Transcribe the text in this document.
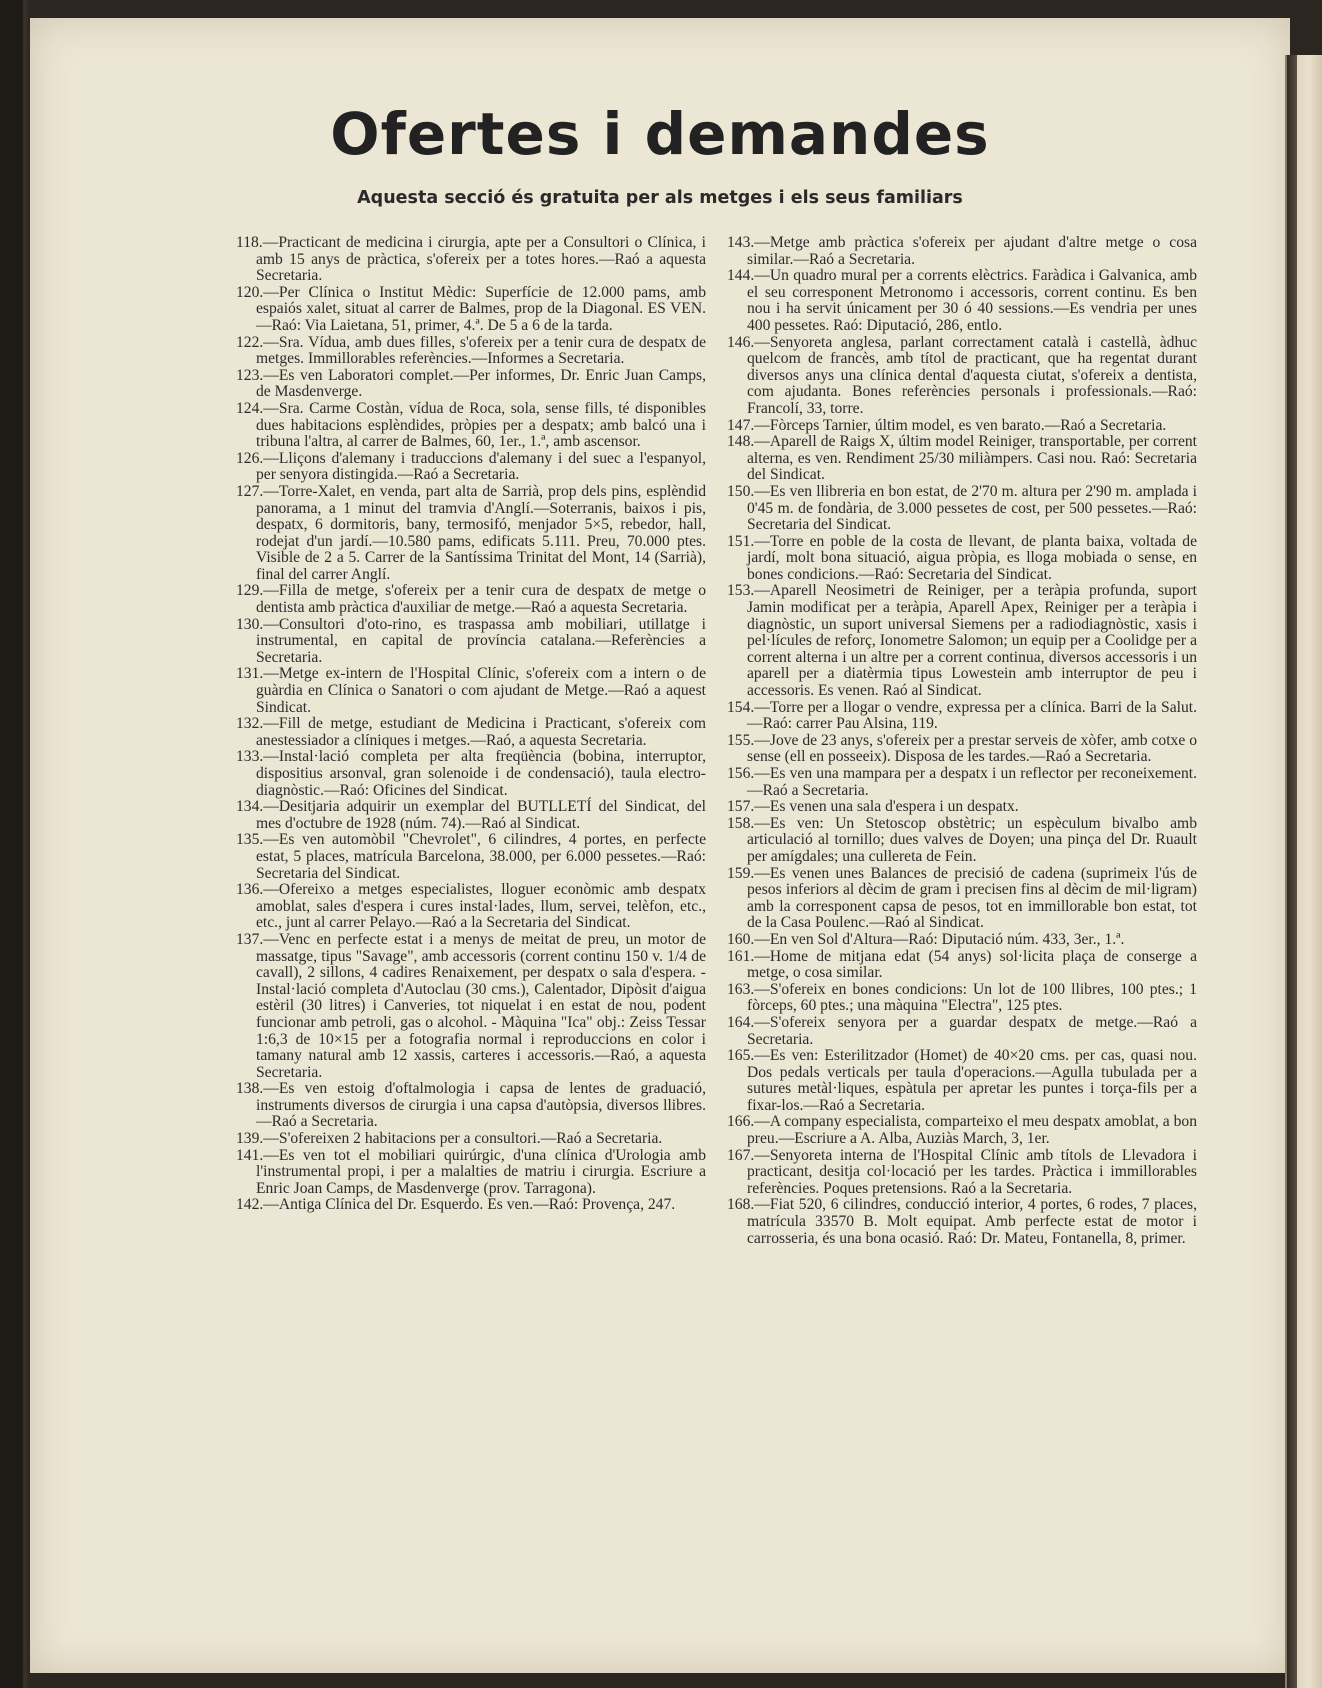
Ofertes i demandes

Aquesta secció és gratuita per als metges i els seus familiars

118.—Practicant de medicina i cirurgia, apte per a Consultori o Clínica, i amb 15 anys de pràctica, s'ofereix per a totes hores.—Raó a aquesta Secretaria.

120.—Per Clínica o Institut Mèdic: Superfície de 12.000 pams, amb espaiós xalet, situat al carrer de Balmes, prop de la Diagonal. ES VEN.—Raó: Via Laietana, 51, primer, 4.ª. De 5 a 6 de la tarda.

122.—Sra. Vídua, amb dues filles, s'ofereix per a tenir cura de despatx de metges. Immillorables referències.—Informes a Secretaria.

123.—Es ven Laboratori complet.—Per informes, Dr. Enric Juan Camps, de Masdenverge.

124.—Sra. Carme Costàn, vídua de Roca, sola, sense fills, té disponibles dues habitacions esplèndides, pròpies per a despatx; amb balcó una i tribuna l'altra, al carrer de Balmes, 60, 1er., 1.ª, amb ascensor.

126.—Lliçons d'alemany i traduccions d'alemany i del suec a l'espanyol, per senyora distingida.—Raó a Secretaria.

127.—Torre-Xalet, en venda, part alta de Sarrià, prop dels pins, esplèndid panorama, a 1 minut del tramvia d'Anglí.—Soterranis, baixos i pis, despatx, 6 dormitoris, bany, termosifó, menjador 5×5, rebedor, hall, rodejat d'un jardí.—10.580 pams, edificats 5.111. Preu, 70.000 ptes. Visible de 2 a 5. Carrer de la Santíssima Trinitat del Mont, 14 (Sarrià), final del carrer Anglí.

129.—Filla de metge, s'ofereix per a tenir cura de despatx de metge o dentista amb pràctica d'auxiliar de metge.—Raó a aquesta Secretaria.

130.—Consultori d'oto-rino, es traspassa amb mobiliari, utillatge i instrumental, en capital de província catalana.—Referències a Secretaria.

131.—Metge ex-intern de l'Hospital Clínic, s'ofereix com a intern o de guàrdia en Clínica o Sanatori o com ajudant de Metge.—Raó a aquest Sindicat.

132.—Fill de metge, estudiant de Medicina i Practicant, s'ofereix com anestessiador a clíniques i metges.—Raó, a aquesta Secretaria.

133.—Instal·lació completa per alta freqüència (bobina, interruptor, dispositius arsonval, gran solenoide i de condensació), taula electro-diagnòstic.—Raó: Oficines del Sindicat.

134.—Desitjaria adquirir un exemplar del BUTLLETÍ del Sindicat, del mes d'octubre de 1928 (núm. 74).—Raó al Sindicat.

135.—Es ven automòbil "Chevrolet", 6 cilindres, 4 portes, en perfecte estat, 5 places, matrícula Barcelona, 38.000, per 6.000 pessetes.—Raó: Secretaria del Sindicat.

136.—Ofereixo a metges especialistes, lloguer econòmic amb despatx amoblat, sales d'espera i cures instal·lades, llum, servei, telèfon, etc., etc., junt al carrer Pelayo.—Raó a la Secretaria del Sindicat.

137.—Venc en perfecte estat i a menys de meitat de preu, un motor de massatge, tipus "Savage", amb accessoris (corrent continu 150 v. 1/4 de cavall), 2 sillons, 4 cadires Renaixement, per despatx o sala d'espera. - Instal·lació completa d'Autoclau (30 cms.), Calentador, Dipòsit d'aigua estèril (30 litres) i Canveries, tot niquelat i en estat de nou, podent funcionar amb petroli, gas o alcohol. - Màquina "Ica" obj.: Zeiss Tessar 1:6,3 de 10×15 per a fotografia normal i reproduccions en color i tamany natural amb 12 xassis, carteres i accessoris.—Raó, a aquesta Secretaria.

138.—Es ven estoig d'oftalmologia i capsa de lentes de graduació, instruments diversos de cirurgia i una capsa d'autòpsia, diversos llibres.—Raó a Secretaria.

139.—S'ofereixen 2 habitacions per a consultori.—Raó a Secretaria.

141.—Es ven tot el mobiliari quirúrgic, d'una clínica d'Urologia amb l'instrumental propi, i per a malalties de matriu i cirurgia. Escriure a Enric Joan Camps, de Masdenverge (prov. Tarragona).

142.—Antiga Clínica del Dr. Esquerdo. Es ven.—Raó: Provença, 247.

143.—Metge amb pràctica s'ofereix per ajudant d'altre metge o cosa similar.—Raó a Secretaria.

144.—Un quadro mural per a corrents elèctrics. Faràdica i Galvanica, amb el seu corresponent Metronomo i accessoris, corrent continu. Es ben nou i ha servit únicament per 30 ó 40 sessions.—Es vendria per unes 400 pessetes. Raó: Diputació, 286, entlo.

146.—Senyoreta anglesa, parlant correctament català i castellà, àdhuc quelcom de francès, amb títol de practicant, que ha regentat durant diversos anys una clínica dental d'aquesta ciutat, s'ofereix a dentista, com ajudanta. Bones referències personals i professionals.—Raó: Francolí, 33, torre.

147.—Fòrceps Tarnier, últim model, es ven barato.—Raó a Secretaria.

148.—Aparell de Raigs X, últim model Reiniger, transportable, per corrent alterna, es ven. Rendiment 25/30 miliàmpers. Casi nou. Raó: Secretaria del Sindicat.

150.—Es ven llibreria en bon estat, de 2'70 m. altura per 2'90 m. amplada i 0'45 m. de fondària, de 3.000 pessetes de cost, per 500 pessetes.—Raó: Secretaria del Sindicat.

151.—Torre en poble de la costa de llevant, de planta baixa, voltada de jardí, molt bona situació, aigua pròpia, es lloga mobiada o sense, en bones condicions.—Raó: Secretaria del Sindicat.

153.—Aparell Neosimetri de Reiniger, per a teràpia profunda, suport Jamin modificat per a teràpia, Aparell Apex, Reiniger per a teràpia i diagnòstic, un suport universal Siemens per a radiodiagnòstic, xasis i pel·lícules de reforç, Ionometre Salomon; un equip per a Coolidge per a corrent alterna i un altre per a corrent continua, diversos accessoris i un aparell per a diatèrmia tipus Lowestein amb interruptor de peu i accessoris. Es venen. Raó al Sindicat.

154.—Torre per a llogar o vendre, expressa per a clínica. Barri de la Salut.—Raó: carrer Pau Alsina, 119.

155.—Jove de 23 anys, s'ofereix per a prestar serveis de xòfer, amb cotxe o sense (ell en posseeix). Disposa de les tardes.—Raó a Secretaria.

156.—Es ven una mampara per a despatx i un reflector per reconeixement.—Raó a Secretaria.

157.—Es venen una sala d'espera i un despatx.

158.—Es ven: Un Stetoscop obstètric; un espèculum bivalbo amb articulació al tornillo; dues valves de Doyen; una pinça del Dr. Ruault per amígdales; una cullereta de Fein.

159.—Es venen unes Balances de precisió de cadena (suprimeix l'ús de pesos inferiors al dècim de gram i precisen fins al dècim de mil·ligram) amb la corresponent capsa de pesos, tot en immillorable bon estat, tot de la Casa Poulenc.—Raó al Sindicat.

160.—En ven Sol d'Altura—Raó: Diputació núm. 433, 3er., 1.ª.

161.—Home de mitjana edat (54 anys) sol·licita plaça de conserge a metge, o cosa similar.

163.—S'ofereix en bones condicions: Un lot de 100 llibres, 100 ptes.; 1 fòrceps, 60 ptes.; una màquina "Electra", 125 ptes.

164.—S'ofereix senyora per a guardar despatx de metge.—Raó a Secretaria.

165.—Es ven: Esterilitzador (Homet) de 40×20 cms. per cas, quasi nou. Dos pedals verticals per taula d'operacions.—Agulla tubulada per a sutures metàl·liques, espàtula per apretar les puntes i torça-fils per a fixar-los.—Raó a Secretaria.

166.—A company especialista, comparteixo el meu despatx amoblat, a bon preu.—Escriure a A. Alba, Auziàs March, 3, 1er.

167.—Senyoreta interna de l'Hospital Clínic amb títols de Llevadora i practicant, desitja col·locació per les tardes. Pràctica i immillorables referències. Poques pretensions. Raó a la Secretaria.

168.—Fiat 520, 6 cilindres, conducció interior, 4 portes, 6 rodes, 7 places, matrícula 33570 B. Molt equipat. Amb perfecte estat de motor i carrosseria, és una bona ocasió. Raó: Dr. Mateu, Fontanella, 8, primer.
